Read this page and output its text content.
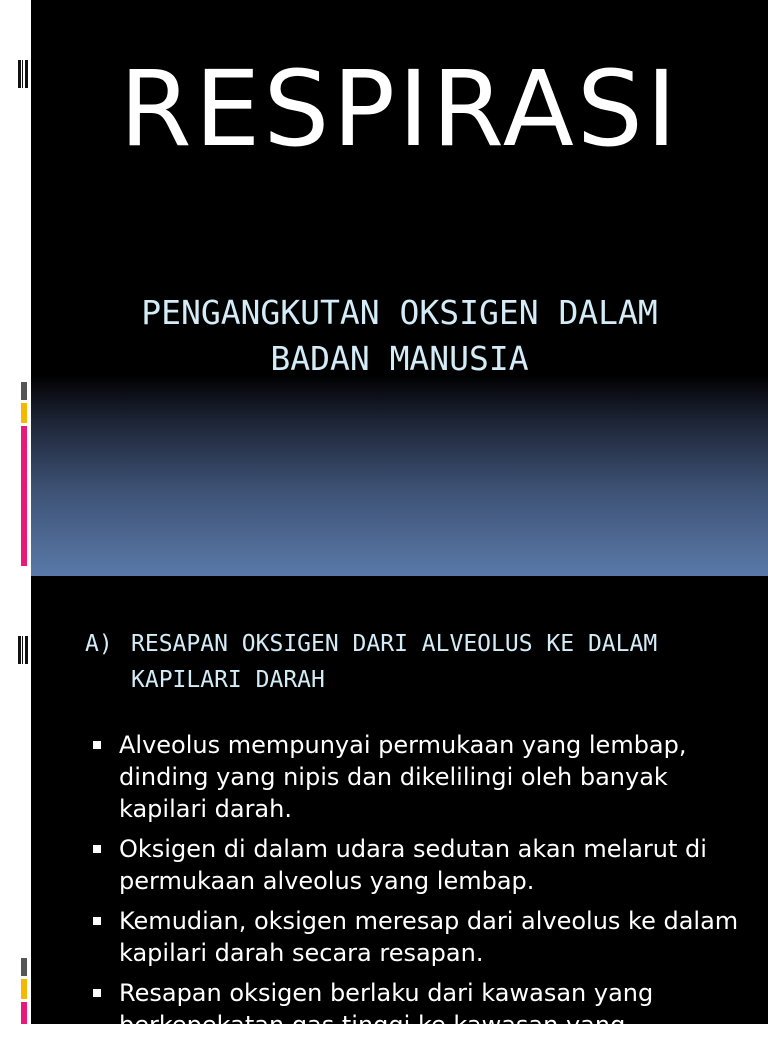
RESPIRASI
PENGANGKUTAN OKSIGEN DALAM
BADAN MANUSIA
A) RESAPAN OKSIGEN DARI ALVEOLUS KE DALAM
KAPILARI DARAH
Alveolus mempunyai permukaan yang lembap, dinding yang nipis dan dikelilingi oleh banyak kapilari darah.
Oksigen di dalam udara sedutan akan melarut di permukaan alveolus yang lembap.
Kemudian, oksigen meresap dari alveolus ke dalam kapilari darah secara resapan.
Resapan oksigen berlaku dari kawasan yang berkepekatan gas tinggi ke kawasan yang
